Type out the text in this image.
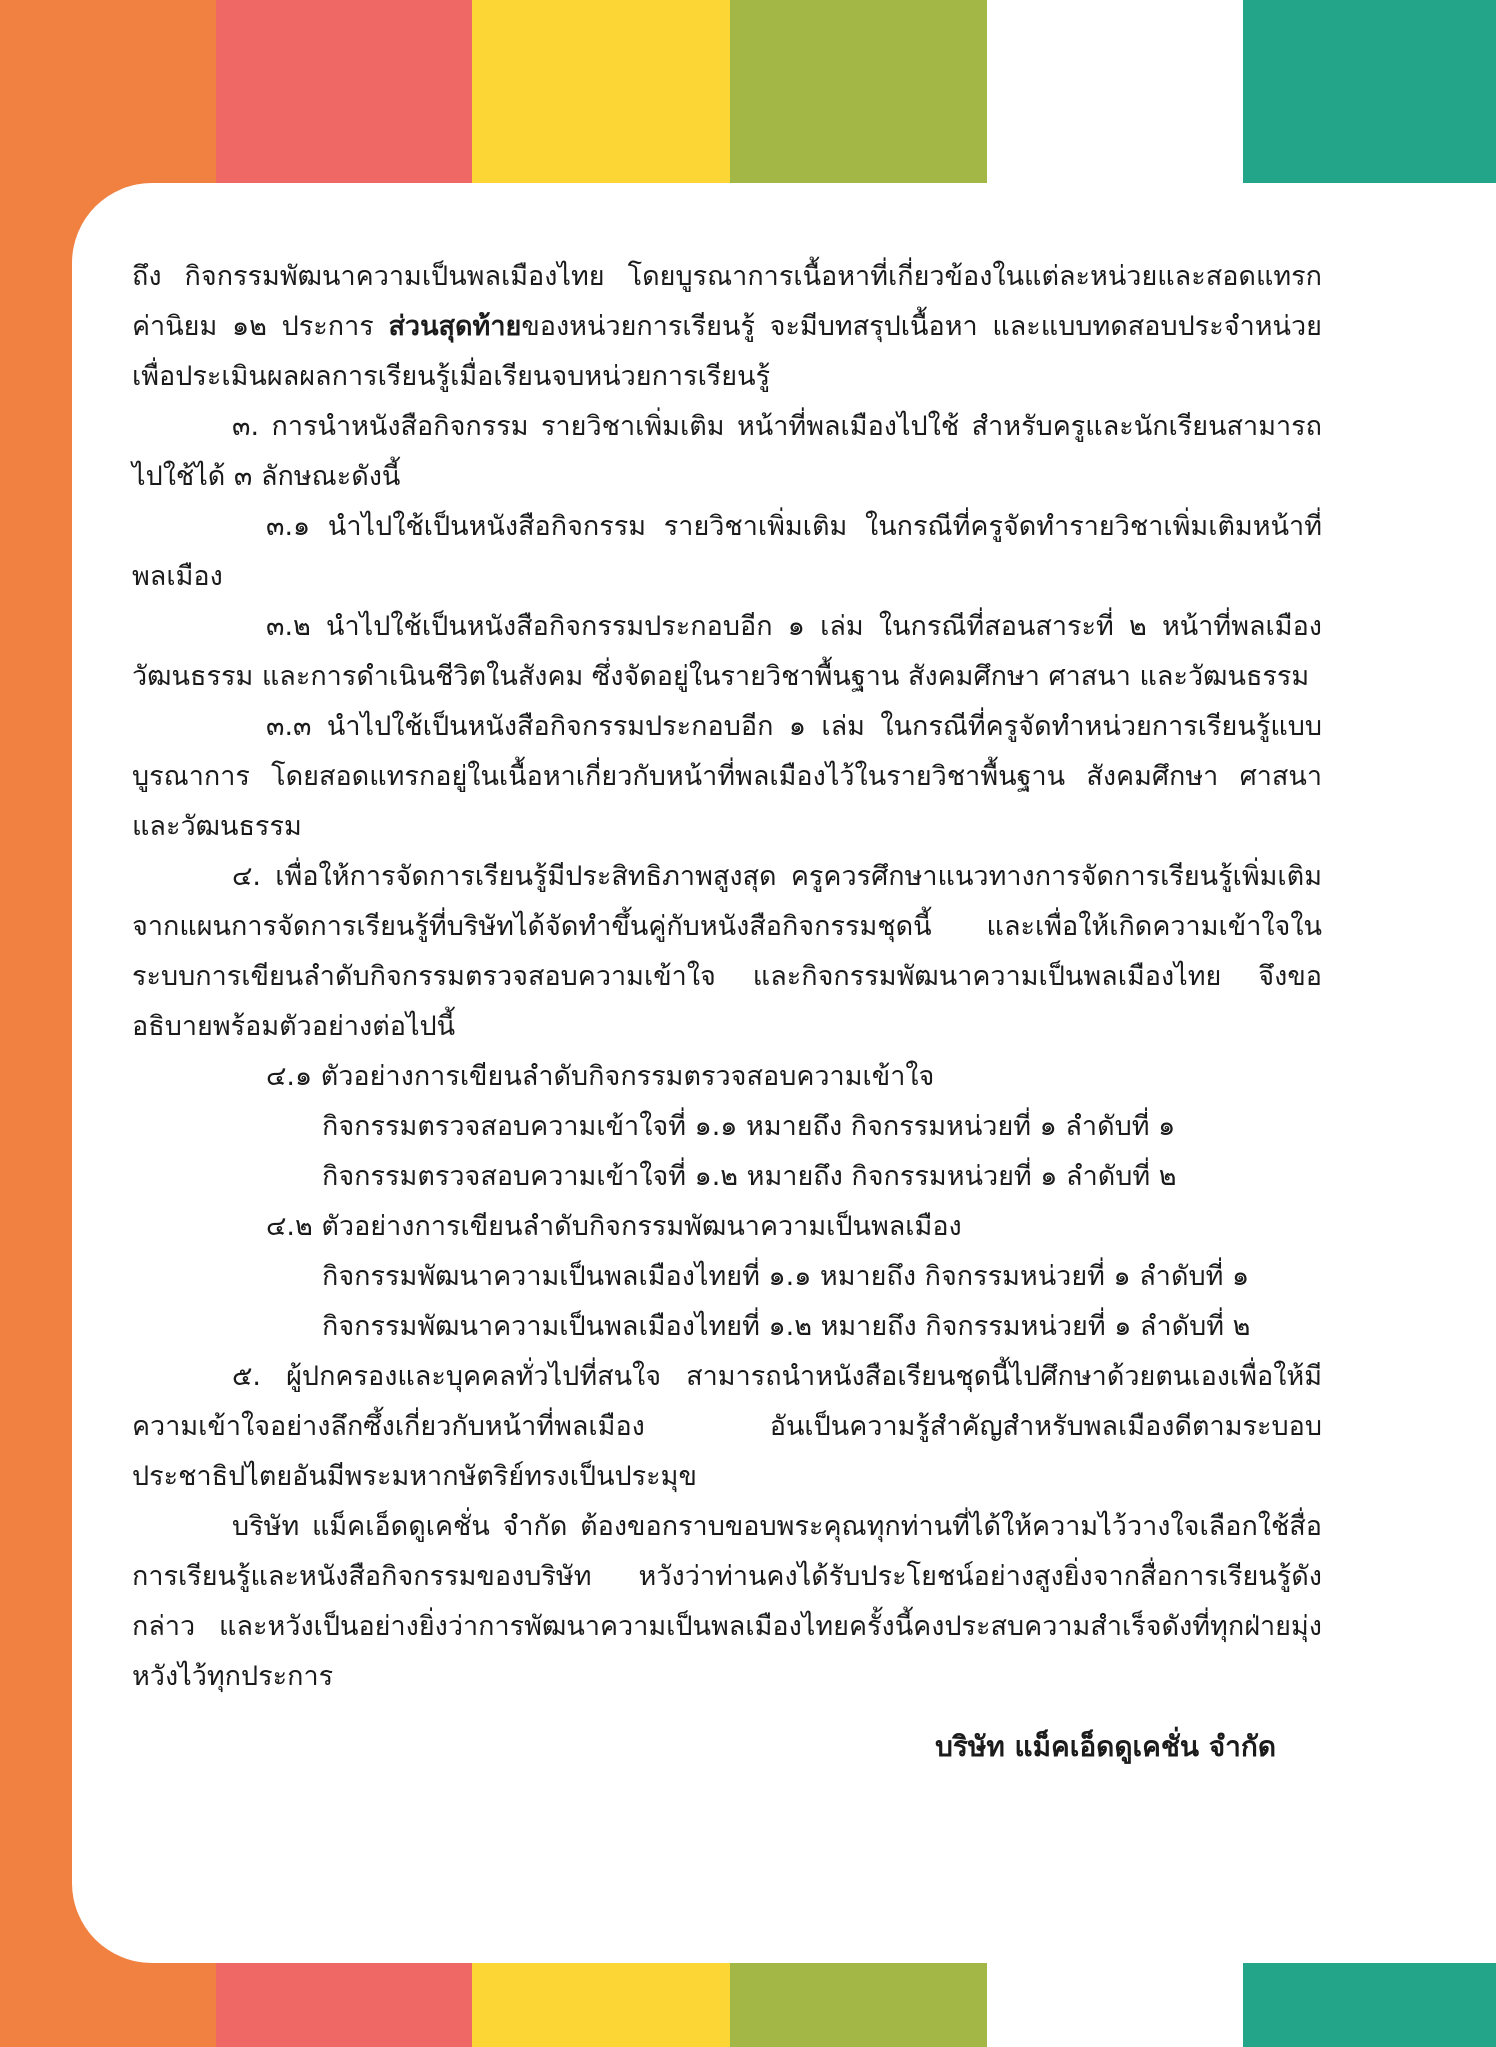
ถึง กิจกรรมพัฒนาความเป็นพลเมืองไทย โดยบูรณาการเนื้อหาที่เกี่ยวข้องในแต่ละหน่วยและสอดแทรกค่านิยม ๑๒ ประการ ส่วนสุดท้ายของหน่วยการเรียนรู้ จะมีบทสรุปเนื้อหา และแบบทดสอบประจำหน่วยเพื่อประเมินผลผลการเรียนรู้เมื่อเรียนจบหน่วยการเรียนรู้

๓. การนำหนังสือกิจกรรม รายวิชาเพิ่มเติม หน้าที่พลเมืองไปใช้ สำหรับครูและนักเรียนสามารถไปใช้ได้ ๓ ลักษณะดังนี้

๓.๑ นำไปใช้เป็นหนังสือกิจกรรม รายวิชาเพิ่มเติม ในกรณีที่ครูจัดทำรายวิชาเพิ่มเติมหน้าที่พลเมือง

๓.๒ นำไปใช้เป็นหนังสือกิจกรรมประกอบอีก ๑ เล่ม ในกรณีที่สอนสาระที่ ๒ หน้าที่พลเมือง วัฒนธรรม และการดำเนินชีวิตในสังคม ซึ่งจัดอยู่ในรายวิชาพื้นฐาน สังคมศึกษา ศาสนา และวัฒนธรรม

๓.๓ นำไปใช้เป็นหนังสือกิจกรรมประกอบอีก ๑ เล่ม ในกรณีที่ครูจัดทำหน่วยการเรียนรู้แบบบูรณาการ โดยสอดแทรกอยู่ในเนื้อหาเกี่ยวกับหน้าที่พลเมืองไว้ในรายวิชาพื้นฐาน สังคมศึกษา ศาสนา และวัฒนธรรม

๔. เพื่อให้การจัดการเรียนรู้มีประสิทธิภาพสูงสุด ครูควรศึกษาแนวทางการจัดการเรียนรู้เพิ่มเติมจากแผนการจัดการเรียนรู้ที่บริษัทได้จัดทำขึ้นคู่กับหนังสือกิจกรรมชุดนี้ และเพื่อให้เกิดความเข้าใจในระบบการเขียนลำดับกิจกรรมตรวจสอบความเข้าใจ และกิจกรรมพัฒนาความเป็นพลเมืองไทย จึงขออธิบายพร้อมตัวอย่างต่อไปนี้

๔.๑ ตัวอย่างการเขียนลำดับกิจกรรมตรวจสอบความเข้าใจ

กิจกรรมตรวจสอบความเข้าใจที่ ๑.๑ หมายถึง กิจกรรมหน่วยที่ ๑ ลำดับที่ ๑

กิจกรรมตรวจสอบความเข้าใจที่ ๑.๒ หมายถึง กิจกรรมหน่วยที่ ๑ ลำดับที่ ๒

๔.๒ ตัวอย่างการเขียนลำดับกิจกรรมพัฒนาความเป็นพลเมือง

กิจกรรมพัฒนาความเป็นพลเมืองไทยที่ ๑.๑ หมายถึง กิจกรรมหน่วยที่ ๑ ลำดับที่ ๑

กิจกรรมพัฒนาความเป็นพลเมืองไทยที่ ๑.๒ หมายถึง กิจกรรมหน่วยที่ ๑ ลำดับที่ ๒

๕. ผู้ปกครองและบุคคลทั่วไปที่สนใจ สามารถนำหนังสือเรียนชุดนี้ไปศึกษาด้วยตนเองเพื่อให้มีความเข้าใจอย่างลึกซึ้งเกี่ยวกับหน้าที่พลเมือง อันเป็นความรู้สำคัญสำหรับพลเมืองดีตามระบอบประชาธิปไตยอันมีพระมหากษัตริย์ทรงเป็นประมุข

บริษัท แม็คเอ็ดดูเคชั่น จำกัด ต้องขอกราบขอบพระคุณทุกท่านที่ได้ให้ความไว้วางใจเลือกใช้สื่อการเรียนรู้และหนังสือกิจกรรมของบริษัท หวังว่าท่านคงได้รับประโยชน์อย่างสูงยิ่งจากสื่อการเรียนรู้ดังกล่าว และหวังเป็นอย่างยิ่งว่าการพัฒนาความเป็นพลเมืองไทยครั้งนี้คงประสบความสำเร็จดังที่ทุกฝ่ายมุ่งหวังไว้ทุกประการ

บริษัท แม็คเอ็ดดูเคชั่น จำกัด
